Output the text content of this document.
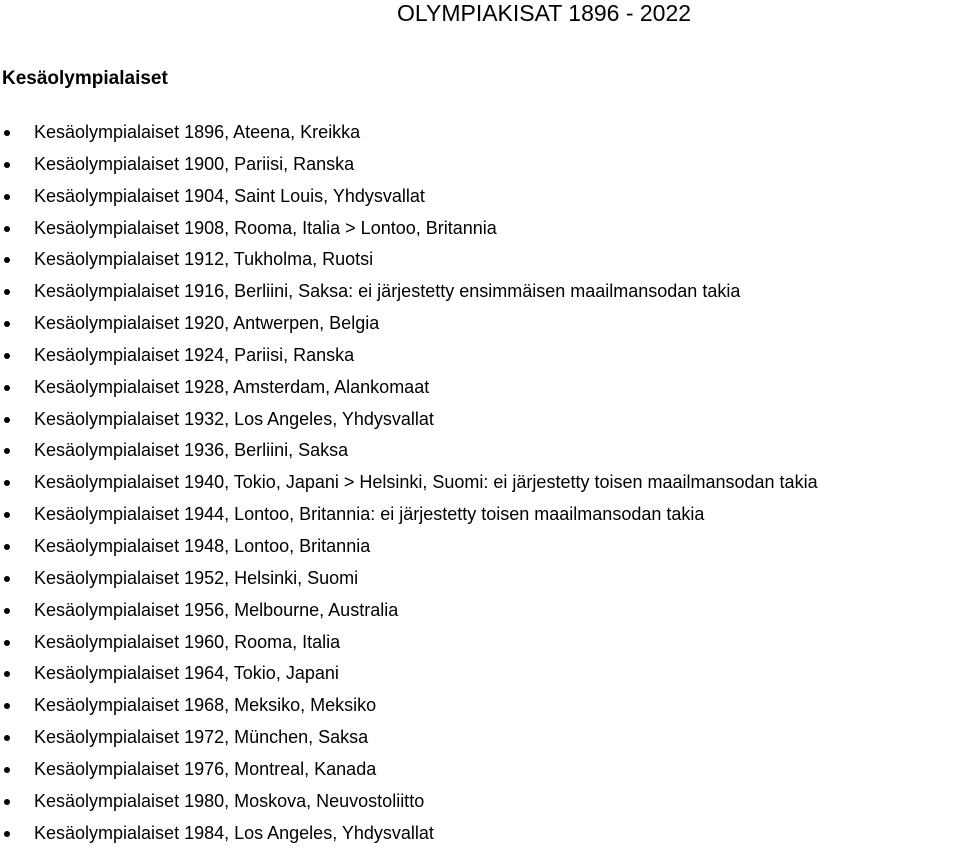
OLYMPIAKISAT 1896 - 2022
Kesäolympialaiset
Kesäolympialaiset 1896, Ateena, Kreikka
Kesäolympialaiset 1900, Pariisi, Ranska
Kesäolympialaiset 1904, Saint Louis, Yhdysvallat
Kesäolympialaiset 1908, Rooma, Italia > Lontoo, Britannia
Kesäolympialaiset 1912, Tukholma, Ruotsi
Kesäolympialaiset 1916, Berliini, Saksa: ei järjestetty ensimmäisen maailmansodan takia
Kesäolympialaiset 1920, Antwerpen, Belgia
Kesäolympialaiset 1924, Pariisi, Ranska
Kesäolympialaiset 1928, Amsterdam, Alankomaat
Kesäolympialaiset 1932, Los Angeles, Yhdysvallat
Kesäolympialaiset 1936, Berliini, Saksa
Kesäolympialaiset 1940, Tokio, Japani > Helsinki, Suomi: ei järjestetty toisen maailmansodan takia
Kesäolympialaiset 1944, Lontoo, Britannia: ei järjestetty toisen maailmansodan takia
Kesäolympialaiset 1948, Lontoo, Britannia
Kesäolympialaiset 1952, Helsinki, Suomi
Kesäolympialaiset 1956, Melbourne, Australia
Kesäolympialaiset 1960, Rooma, Italia
Kesäolympialaiset 1964, Tokio, Japani
Kesäolympialaiset 1968, Meksiko, Meksiko
Kesäolympialaiset 1972, München, Saksa
Kesäolympialaiset 1976, Montreal, Kanada
Kesäolympialaiset 1980, Moskova, Neuvostoliitto
Kesäolympialaiset 1984, Los Angeles, Yhdysvallat
